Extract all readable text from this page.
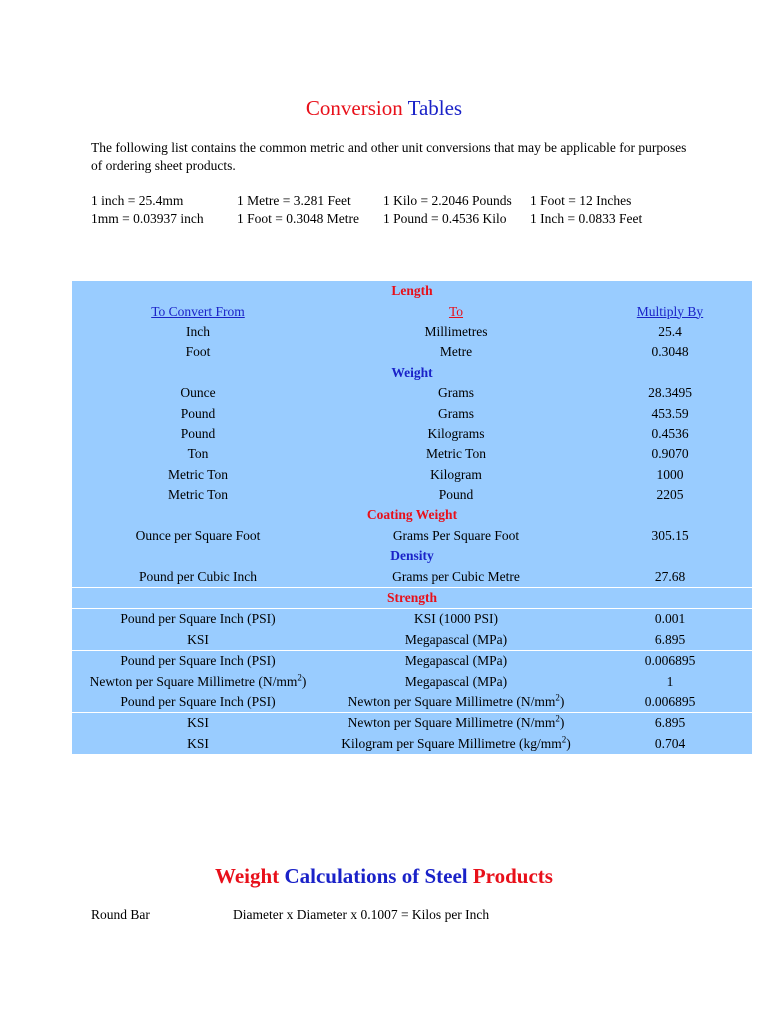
Conversion Tables
The following list contains the common metric and other unit conversions that may be applicable for purposes of ordering sheet products.
1 inch = 25.4mm	1 Metre = 3.281 Feet 1 Kilo = 2.2046 Pounds 1 Foot = 12 Inches
1mm = 0.03937 inch 1 Foot = 0.3048 Metre 1 Pound = 0.4536 Kilo 1 Inch = 0.0833 Feet
Length		
To Convert From	To	Multiply By
Inch	Millimetres	25.4
Foot	Metre	0.3048
Weight		
Ounce	Grams	28.3495
Pound	Grams	453.59
Pound	Kilograms	0.4536
Ton	Metric Ton	0.9070
Metric Ton	Kilogram	1000
Metric Ton	Pound	2205
Coating Weight		
Ounce per Square Foot	Grams Per Square Foot	305.15
Density		
Pound per Cubic Inch	Grams per Cubic Metre	27.68
Strength		
Pound per Square Inch (PSI)	KSI (1000 PSI)	0.001
KSI	Megapascal (MPa)	6.895
Pound per Square Inch (PSI)	Megapascal (MPa)	0.006895
Newton per Square Millimetre $(N/mm^2)$	Megapascal (MPa)	1
Pound per Square Inch (PSI)	Newton per Square Millimetre $(N/mm^2)$	0.006895
KSI	Newton per Square Millimetre $(N/mm^2)$	6.895
KSI	Kilogram per Square Millimetre $(kg/mm^2)$	0.704
Weight Calculations of Steel Products
Round Bar	Diameter x Diameter x 0.1007 = Kilos per Inch
